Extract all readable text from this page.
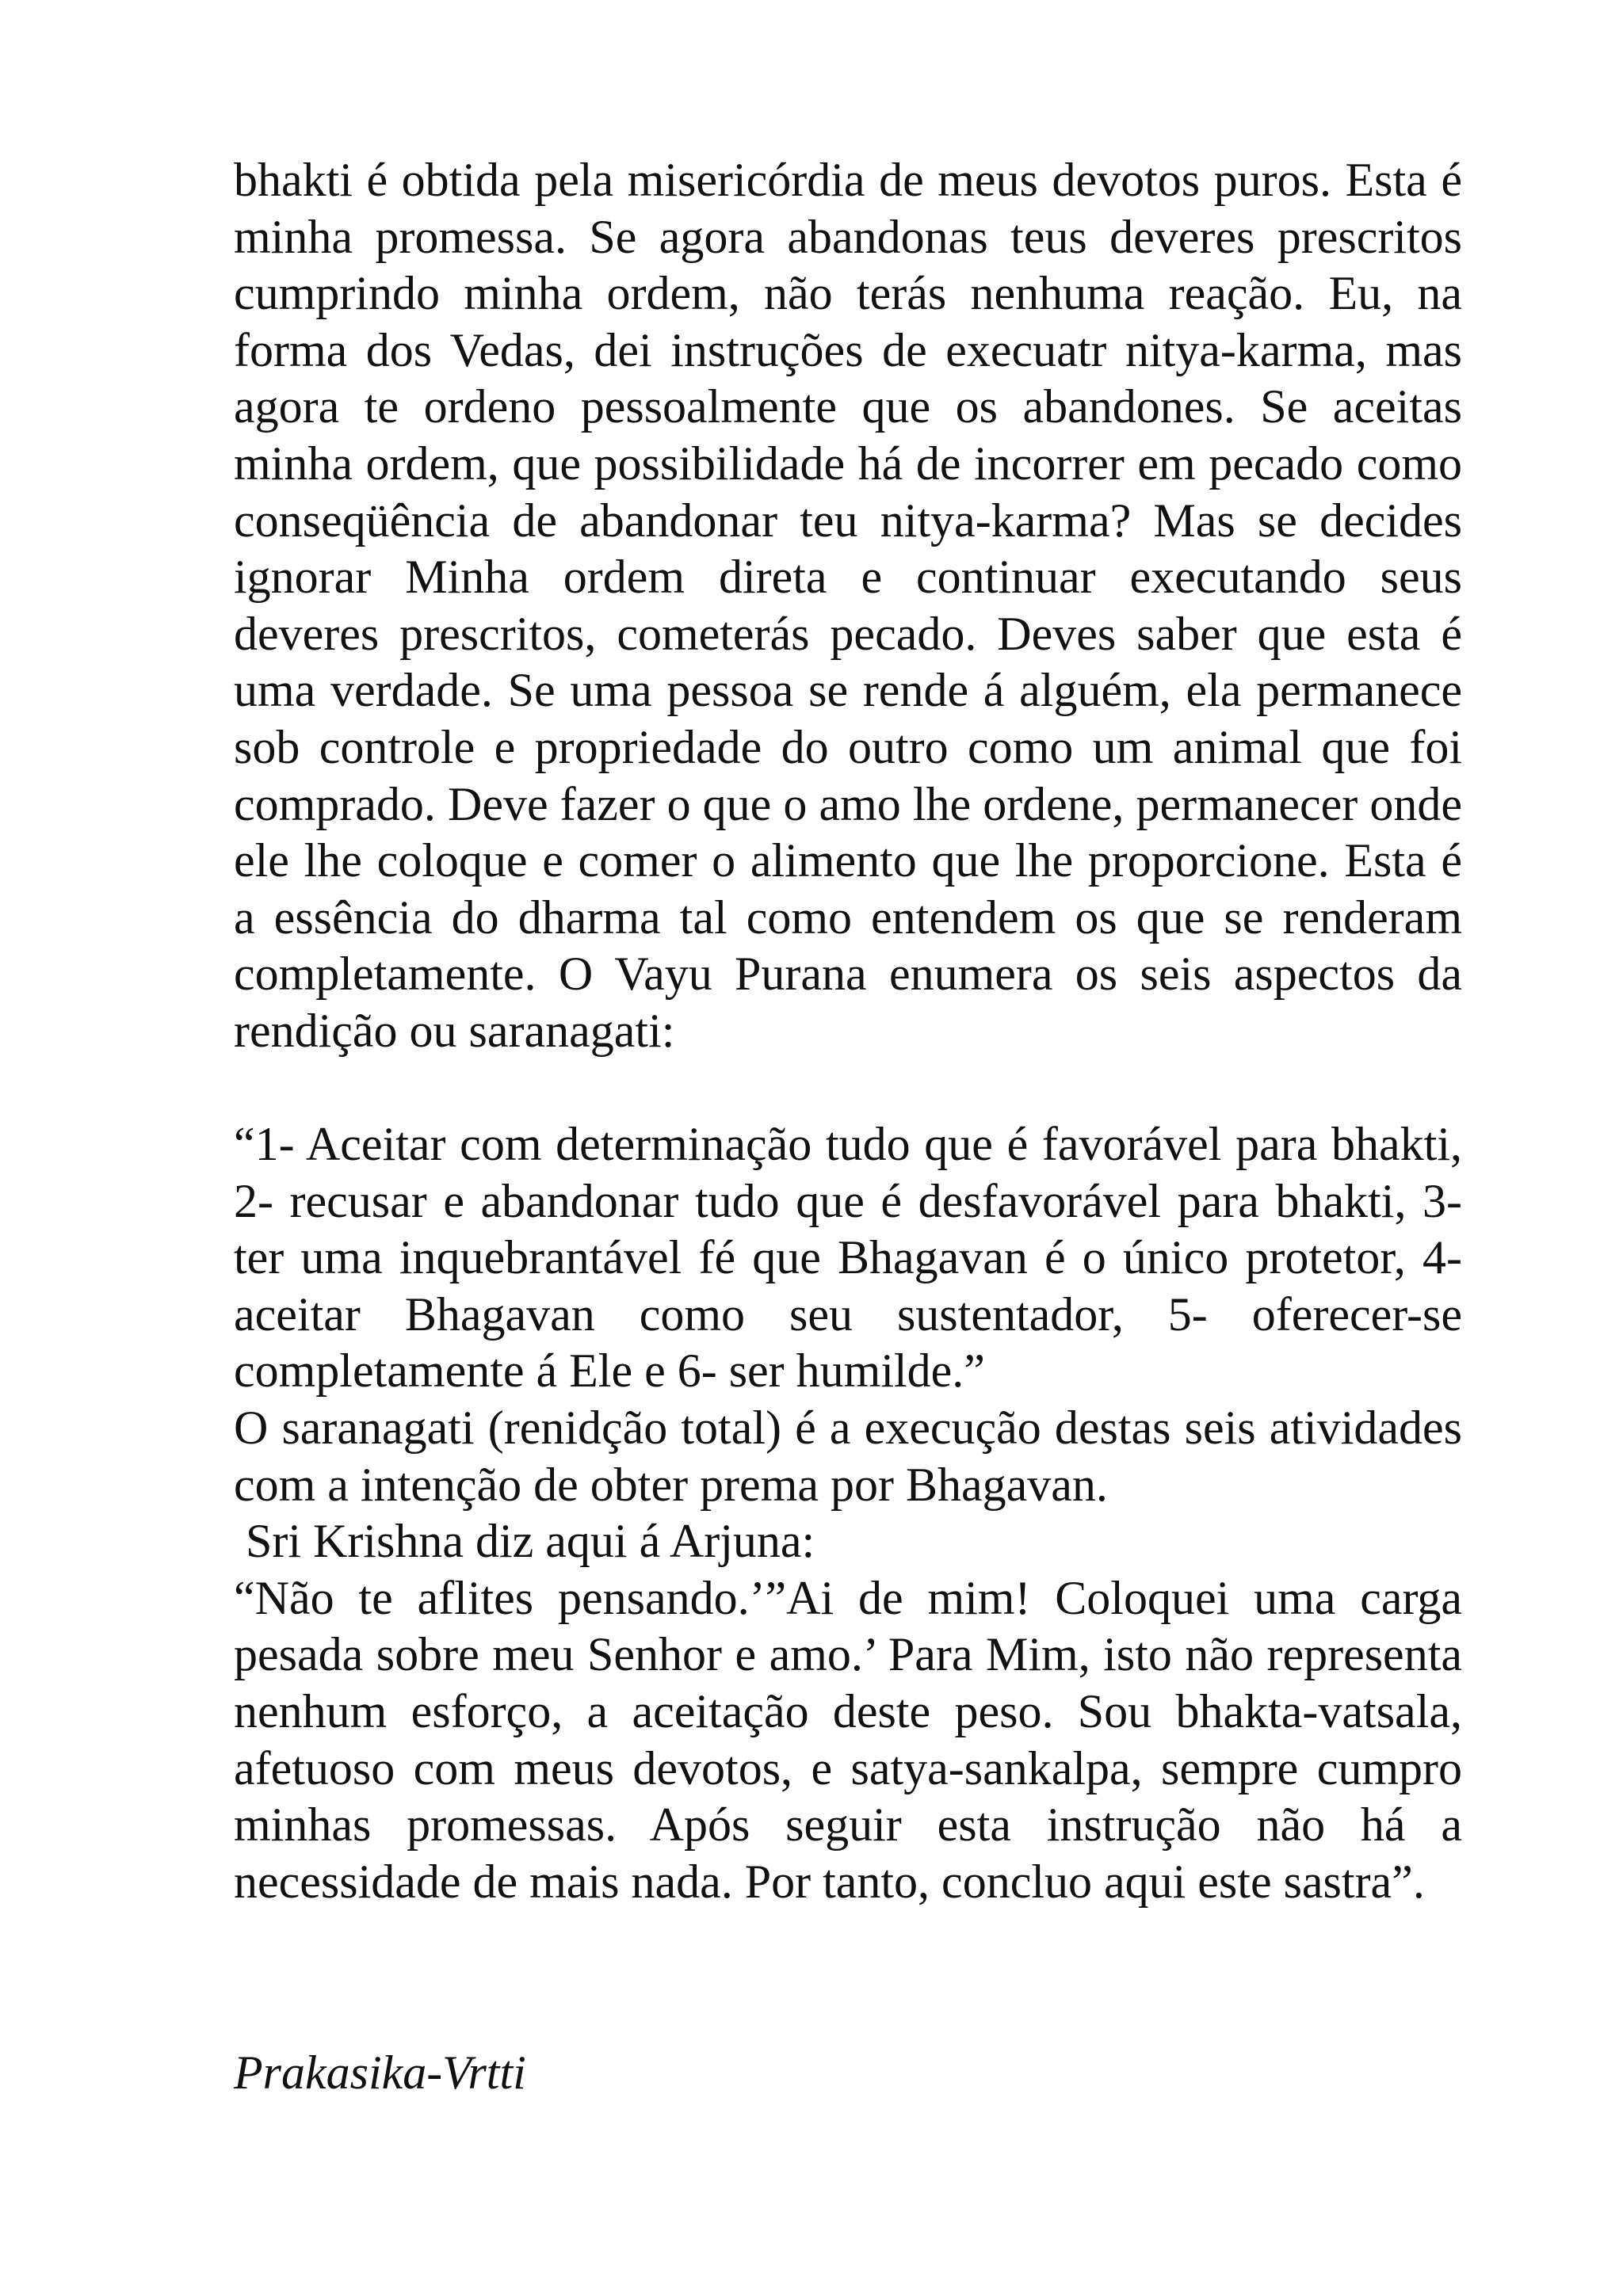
bhakti é obtida pela misericórdia de meus devotos puros. Esta é minha promessa. Se agora abandonas teus deveres prescritos cumprindo minha ordem, não terás nenhuma reação. Eu, na forma dos Vedas, dei instruções de execuatr nitya-karma, mas agora te ordeno pessoalmente que os abandones. Se aceitas minha ordem, que possibilidade há de incorrer em pecado como conseqüência de abandonar teu nitya-karma? Mas se decides ignorar Minha ordem direta e continuar executando seus deveres prescritos, cometerás pecado. Deves saber que esta é uma verdade. Se uma pessoa se rende á alguém, ela permanece sob controle e propriedade do outro como um animal que foi comprado. Deve fazer o que o amo lhe ordene, permanecer onde ele lhe coloque e comer o alimento que lhe proporcione. Esta é a essência do dharma tal como entendem os que se renderam completamente. O Vayu Purana enumera os seis aspectos da rendição ou saranagati:

“1- Aceitar com determinação tudo que é favorável para bhakti, 2- recusar e abandonar tudo que é desfavorável para bhakti, 3- ter uma inquebrantável fé que Bhagavan é o único protetor, 4- aceitar Bhagavan como seu sustentador, 5- oferecer-se completamente á Ele e 6- ser humilde.”

O saranagati (renidção total) é a execução destas seis atividades com a intenção de obter prema por Bhagavan.

Sri Krishna diz aqui á Arjuna:

“Não te aflites pensando.’”Ai de mim! Coloquei uma carga pesada sobre meu Senhor e amo.’ Para Mim, isto não representa nenhum esforço, a aceitação deste peso. Sou bhakta-vatsala, afetuoso com meus devotos, e satya-sankalpa, sempre cumpro minhas promessas. Após seguir esta instrução não há a necessidade de mais nada. Por tanto, concluo aqui este sastra”.

Prakasika-Vrtti
